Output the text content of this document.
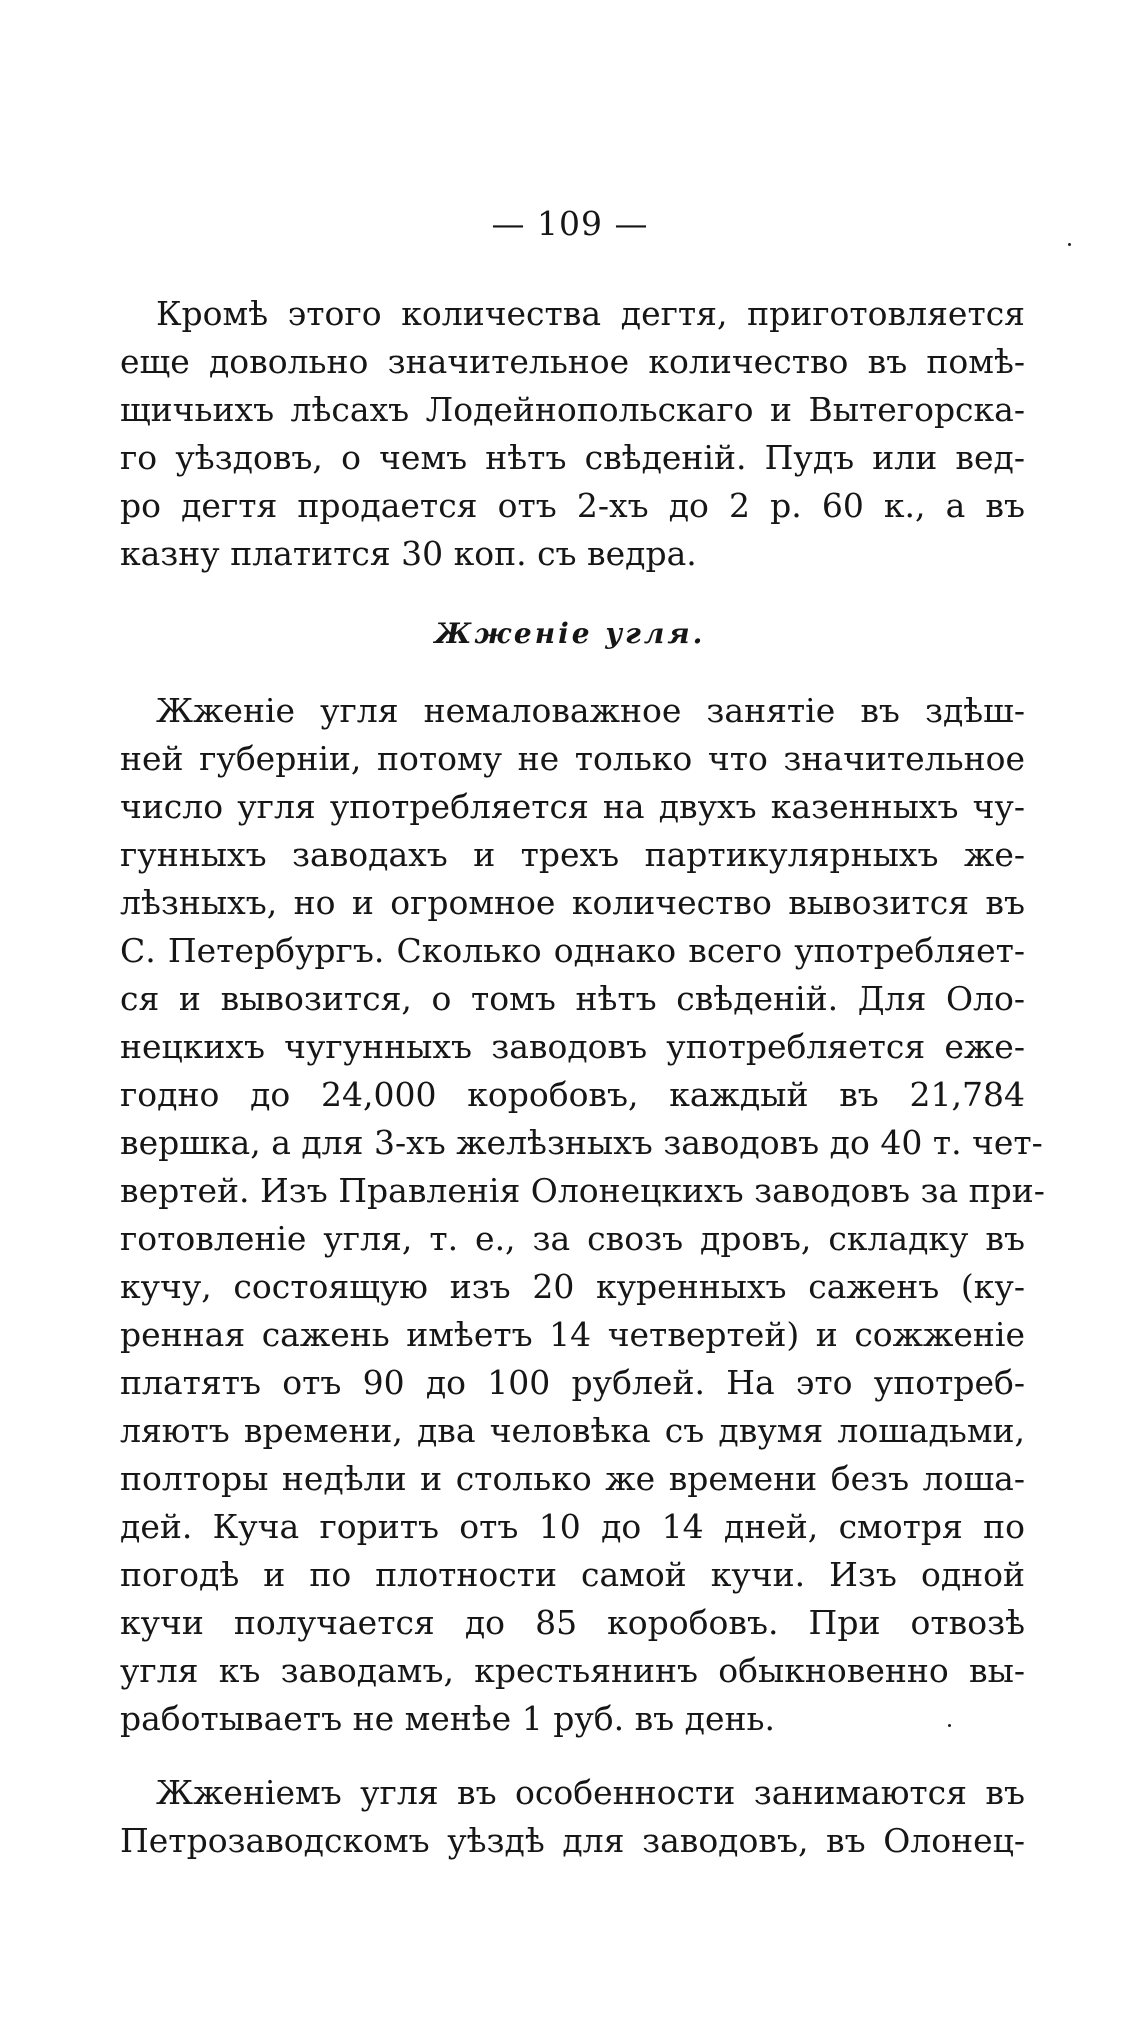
— 109 —
Кромѣ этого количества дегтя, приготовляется
еще довольно значительное количество въ помѣ-
щичьихъ лѣсахъ Лодейнопольскаго и Вытегорска-
го уѣздовъ, о чемъ нѣтъ свѣденій. Пудъ или вед-
ро дегтя продается отъ 2-хъ до 2 р. 60 к., а въ
казну платится 30 коп. съ ведра.
Жженіе угля.
Жженіе угля немаловажное занятіе въ здѣш-
ней губерніи, потому не только что значительное
число угля употребляется на двухъ казенныхъ чу-
гунныхъ заводахъ и трехъ партикулярныхъ же-
лѣзныхъ, но и огромное количество вывозится въ
С. Петербургъ. Сколько однако всего употребляет-
ся и вывозится, о томъ нѣтъ свѣденій. Для Оло-
нецкихъ чугунныхъ заводовъ употребляется еже-
годно до 24,000 коробовъ, каждый въ 21,784
вершка, а для 3-хъ желѣзныхъ заводовъ до 40 т. чет-
вертей. Изъ Правленія Олонецкихъ заводовъ за при-
готовленіе угля, т. е., за свозъ дровъ, складку въ
кучу, состоящую изъ 20 куренныхъ саженъ (ку-
ренная сажень имѣетъ 14 четвертей) и сожженіе
платятъ отъ 90 до 100 рублей. На это употреб-
ляютъ времени, два человѣка съ двумя лошадьми,
полторы недѣли и столько же времени безъ лоша-
дей. Куча горитъ отъ 10 до 14 дней, смотря по
погодѣ и по плотности самой кучи. Изъ одной
кучи получается до 85 коробовъ. При отвозѣ
угля къ заводамъ, крестьянинъ обыкновенно вы-
работываетъ не менѣе 1 руб. въ день.
Жженіемъ угля въ особенности занимаются въ
Петрозаводскомъ уѣздѣ для заводовъ, въ Олонец-
